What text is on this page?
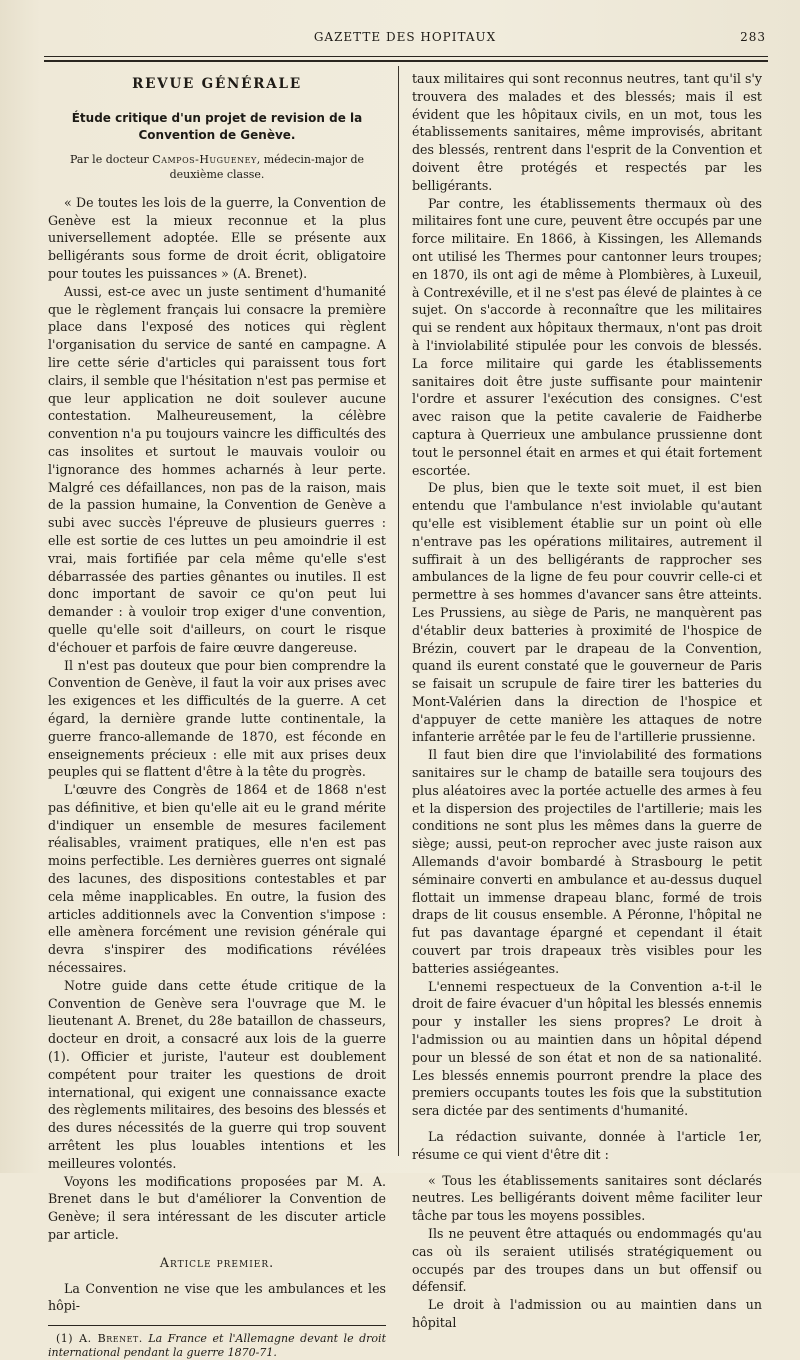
GAZETTE DES HOPITAUX	283

REVUE GÉNÉRALE

Étude critique d'un projet de revision de la Convention de Genève.

Par le docteur Campos-Hugueney, médecin-major de deuxième classe.

« De toutes les lois de la guerre, la Convention de Genève est la mieux reconnue et la plus universellement adoptée. Elle se présente aux belligérants sous forme de droit écrit, obligatoire pour toutes les puissances » (A. Brenet).

Aussi, est-ce avec un juste sentiment d'humanité que le règlement français lui consacre la première place dans l'exposé des notices qui règlent l'organisation du service de santé en campagne. A lire cette série d'articles qui paraissent tous fort clairs, il semble que l'hésitation n'est pas permise et que leur application ne doit soulever aucune contestation. Malheureusement, la célèbre convention n'a pu toujours vaincre les difficultés des cas insolites et surtout le mauvais vouloir ou l'ignorance des hommes acharnés à leur perte. Malgré ces défaillances, non pas de la raison, mais de la passion humaine, la Convention de Genève a subi avec succès l'épreuve de plusieurs guerres : elle est sortie de ces luttes un peu amoindrie il est vrai, mais fortifiée par cela même qu'elle s'est débarrassée des parties gênantes ou inutiles. Il est donc important de savoir ce qu'on peut lui demander : à vouloir trop exiger d'une convention, quelle qu'elle soit d'ailleurs, on court le risque d'échouer et parfois de faire œuvre dangereuse.

Il n'est pas douteux que pour bien comprendre la Convention de Genève, il faut la voir aux prises avec les exigences et les difficultés de la guerre. A cet égard, la dernière grande lutte continentale, la guerre franco-allemande de 1870, est féconde en enseignements précieux : elle mit aux prises deux peuples qui se flattent d'être à la tête du progrès.

L'œuvre des Congrès de 1864 et de 1868 n'est pas définitive, et bien qu'elle ait eu le grand mérite d'indiquer un ensemble de mesures facilement réalisables, vraiment pratiques, elle n'en est pas moins perfectible. Les dernières guerres ont signalé des lacunes, des dispositions contestables et par cela même inapplicables. En outre, la fusion des articles additionnels avec la Convention s'impose : elle amènera forcément une revision générale qui devra s'inspirer des modifications révélées nécessaires.

Notre guide dans cette étude critique de la Convention de Genève sera l'ouvrage que M. le lieutenant A. Brenet, du 28e bataillon de chasseurs, docteur en droit, a consacré aux lois de la guerre (1). Officier et juriste, l'auteur est doublement compétent pour traiter les questions de droit international, qui exigent une connaissance exacte des règlements militaires, des besoins des blessés et des dures nécessités de la guerre qui trop souvent arrêtent les plus louables intentions et les meilleures volontés.

Voyons les modifications proposées par M. A. Brenet dans le but d'améliorer la Convention de Genève; il sera intéressant de les discuter article par article.

Article premier.

La Convention ne vise que les ambulances et les hôpi-

(1) A. Brenet. La France et l'Allemagne devant le droit international pendant la guerre 1870-71.

taux militaires qui sont reconnus neutres, tant qu'il s'y trouvera des malades et des blessés; mais il est évident que les hôpitaux civils, en un mot, tous les établissements sanitaires, même improvisés, abritant des blessés, rentrent dans l'esprit de la Convention et doivent être protégés et respectés par les belligérants.

Par contre, les établissements thermaux où des militaires font une cure, peuvent être occupés par une force militaire. En 1866, à Kissingen, les Allemands ont utilisé les Thermes pour cantonner leurs troupes; en 1870, ils ont agi de même à Plombières, à Luxeuil, à Contrexéville, et il ne s'est pas élevé de plaintes à ce sujet. On s'accorde à reconnaître que les militaires qui se rendent aux hôpitaux thermaux, n'ont pas droit à l'inviolabilité stipulée pour les convois de blessés. La force militaire qui garde les établissements sanitaires doit être juste suffisante pour maintenir l'ordre et assurer l'exécution des consignes. C'est avec raison que la petite cavalerie de Faidherbe captura à Querrieux une ambulance prussienne dont tout le personnel était en armes et qui était fortement escortée.

De plus, bien que le texte soit muet, il est bien entendu que l'ambulance n'est inviolable qu'autant qu'elle est visiblement établie sur un point où elle n'entrave pas les opérations militaires, autrement il suffirait à un des belligérants de rapprocher ses ambulances de la ligne de feu pour couvrir celle-ci et permettre à ses hommes d'avancer sans être atteints. Les Prussiens, au siège de Paris, ne manquèrent pas d'établir deux batteries à proximité de l'hospice de Brézin, couvert par le drapeau de la Convention, quand ils eurent constaté que le gouverneur de Paris se faisait un scrupule de faire tirer les batteries du Mont-Valérien dans la direction de l'hospice et d'appuyer de cette manière les attaques de notre infanterie arrêtée par le feu de l'artillerie prussienne.

Il faut bien dire que l'inviolabilité des formations sanitaires sur le champ de bataille sera toujours des plus aléatoires avec la portée actuelle des armes à feu et la dispersion des projectiles de l'artillerie; mais les conditions ne sont plus les mêmes dans la guerre de siège; aussi, peut-on reprocher avec juste raison aux Allemands d'avoir bombardé à Strasbourg le petit séminaire converti en ambulance et au-dessus duquel flottait un immense drapeau blanc, formé de trois draps de lit cousus ensemble. A Péronne, l'hôpital ne fut pas davantage épargné et cependant il était couvert par trois drapeaux très visibles pour les batteries assiégeantes.

L'ennemi respectueux de la Convention a-t-il le droit de faire évacuer d'un hôpital les blessés ennemis pour y installer les siens propres? Le droit à l'admission ou au maintien dans un hôpital dépend pour un blessé de son état et non de sa nationalité. Les blessés ennemis pourront prendre la place des premiers occupants toutes les fois que la substitution sera dictée par des sentiments d'humanité.

La rédaction suivante, donnée à l'article 1er, résume ce qui vient d'être dit :

« Tous les établissements sanitaires sont déclarés neutres. Les belligérants doivent même faciliter leur tâche par tous les moyens possibles.

Ils ne peuvent être attaqués ou endommagés qu'au cas où ils seraient utilisés stratégiquement ou occupés par des troupes dans un but offensif ou défensif.

Le droit à l'admission ou au maintien dans un hôpital
